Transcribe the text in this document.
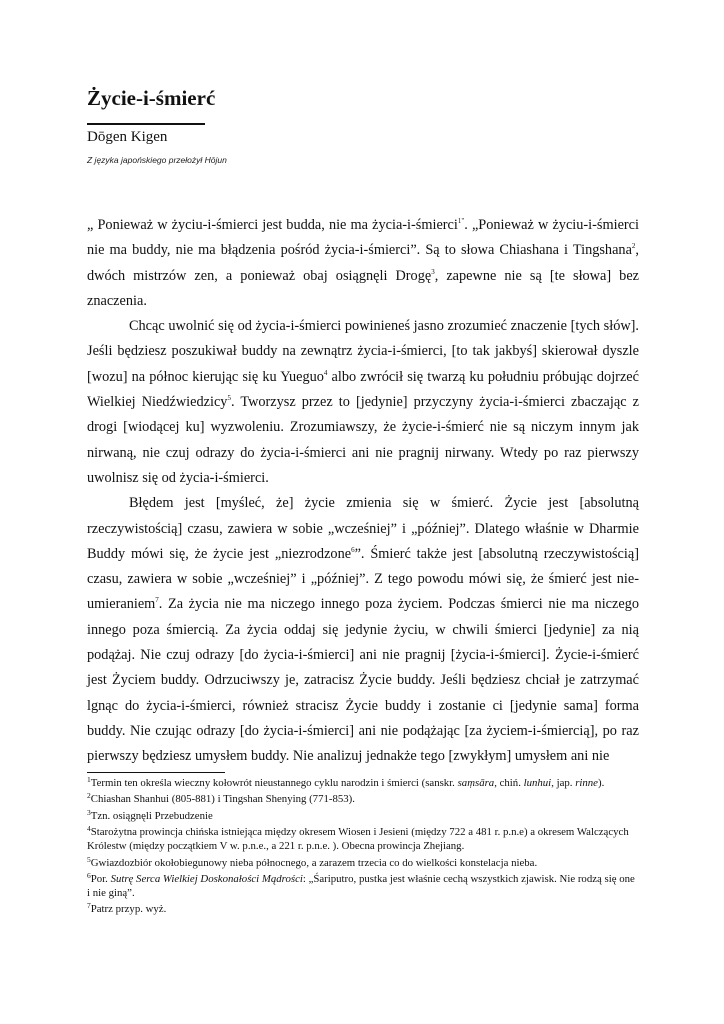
Życie-i-śmierć
Dōgen Kigen
Z języka japońskiego przełożył Hōjun

„ Ponieważ w życiu-i-śmierci jest budda, nie ma życia-i-śmierci$^{1"}$. „Ponieważ w życiu-i-śmierci nie ma buddy, nie ma błądzenia pośród życia-i-śmierci”. Są to słowa Chiashana i Tingshana$^2$, dwóch mistrzów zen, a ponieważ obaj osiągnęli Drogę$^3$, zapewne nie są [te słowa] bez znaczenia.

Chcąc uwolnić się od życia-i-śmierci powinieneś jasno zrozumieć znaczenie [tych słów]. Jeśli będziesz poszukiwał buddy na zewnątrz życia-i-śmierci, [to tak jakbyś] skierował dyszle [wozu] na północ kierując się ku Yueguo$^4$ albo zwrócił się twarzą ku południu próbując dojrzeć Wielkiej Niedźwiedzicy$^5$. Tworzysz przez to [jedynie] przyczyny życia-i-śmierci zbaczając z drogi [wiodącej ku] wyzwoleniu. Zrozumiawszy, że życie-i-śmierć nie są niczym innym jak nirwaną, nie czuj odrazy do życia-i-śmierci ani nie pragnij nirwany. Wtedy po raz pierwszy uwolnisz się od życia-i-śmierci.

Błędem jest [myśleć, że] życie zmienia się w śmierć. Życie jest [absolutną rzeczywistością] czasu, zawiera w sobie „wcześniej” i „później”. Dlatego właśnie w Dharmie Buddy mówi się, że życie jest „niezrodzone$^6$”. Śmierć także jest [absolutną rzeczywistością] czasu, zawiera w sobie „wcześniej” i „później”. Z tego powodu mówi się, że śmierć jest nie-umieraniem$^7$. Za życia nie ma niczego innego poza życiem. Podczas śmierci nie ma niczego innego poza śmiercią. Za życia oddaj się jedynie życiu, w chwili śmierci [jedynie] za nią podążaj. Nie czuj odrazy [do życia-i-śmierci] ani nie pragnij [życia-i-śmierci]. Życie-i-śmierć jest Życiem buddy. Odrzuciwszy je, zatracisz Życie buddy. Jeśli będziesz chciał je zatrzymać lgnąc do życia-i-śmierci, również stracisz Życie buddy i zostanie ci [jedynie sama] forma buddy. Nie czując odrazy [do życia-i-śmierci] ani nie podążając [za życiem-i-śmiercią], po raz pierwszy będziesz umysłem buddy. Nie analizuj jednakże tego [zwykłym] umysłem ani nie

$^1$Termin ten określa wieczny kołowrót nieustannego cyklu narodzin i śmierci (sanskr. saṃsāra, chiń. lunhui, jap. rinne).
$^2$Chiashan Shanhui (805-881) i Tingshan Shenying (771-853).
$^3$Tzn. osiągnęli Przebudzenie
$^4$Starożytna prowincja chińska istniejąca między okresem Wiosen i Jesieni (między 722 a 481 r. p.n.e) a okresem Walczących Królestw (między początkiem V w. p.n.e., a 221 r. p.n.e. ). Obecna prowincja Zhejiang.
$^5$Gwiazdozbiór okołobiegunowy nieba północnego, a zarazem trzecia co do wielkości konstelacja nieba.
$^6$Por. Sutrę Serca Wielkiej Doskonałości Mądrości: „Śariputro, pustka jest właśnie cechą wszystkich zjawisk. Nie rodzą się one i nie giną”.
$^7$Patrz przyp. wyż.
